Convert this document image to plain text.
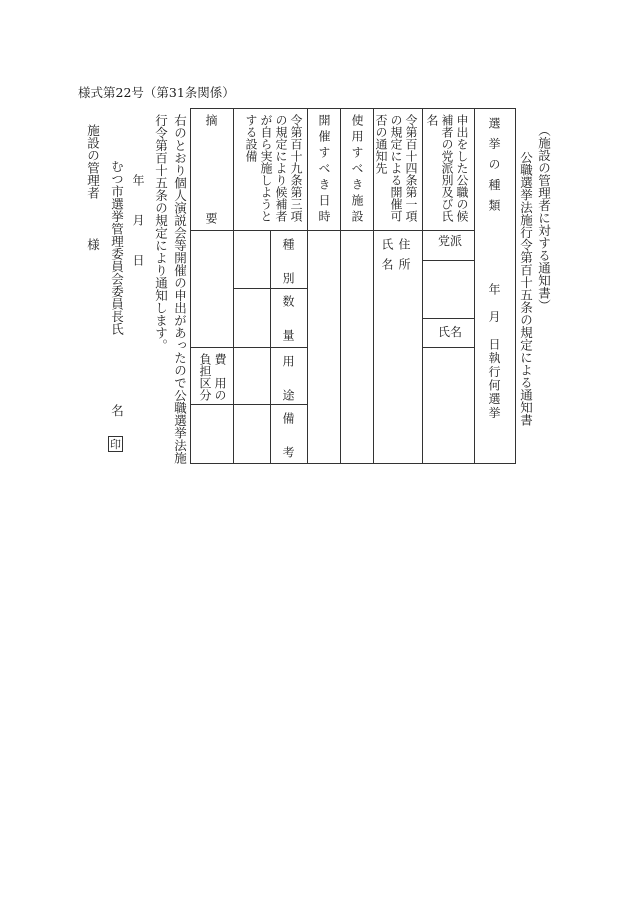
様式第22号（第31条関係）
（施設の管理者に対する通知書）
公職選挙法施行令第百十五条の規定による通知書
選挙の種類
年　月　日執行何選挙
申出をした公職の候
補者の党派別及び氏
名
党派
氏名
令第百十四条第一項
の規定による開催可
否の通知先
住所
氏名
使用すべき施設
開催すべき日時
令第百十九条第三項
の規定により候補者
が自ら実施しようと
する設備
種　別
数　量
用　途
備　考
摘
要
費　用の
負担区分
右のとおり個人演説会等開催の申出があったので公職選挙法施
行令第百十五条の規定により通知します。
年　月　日
むつ市選挙管理委員会委員長氏
名
印
施設の管理者
様
